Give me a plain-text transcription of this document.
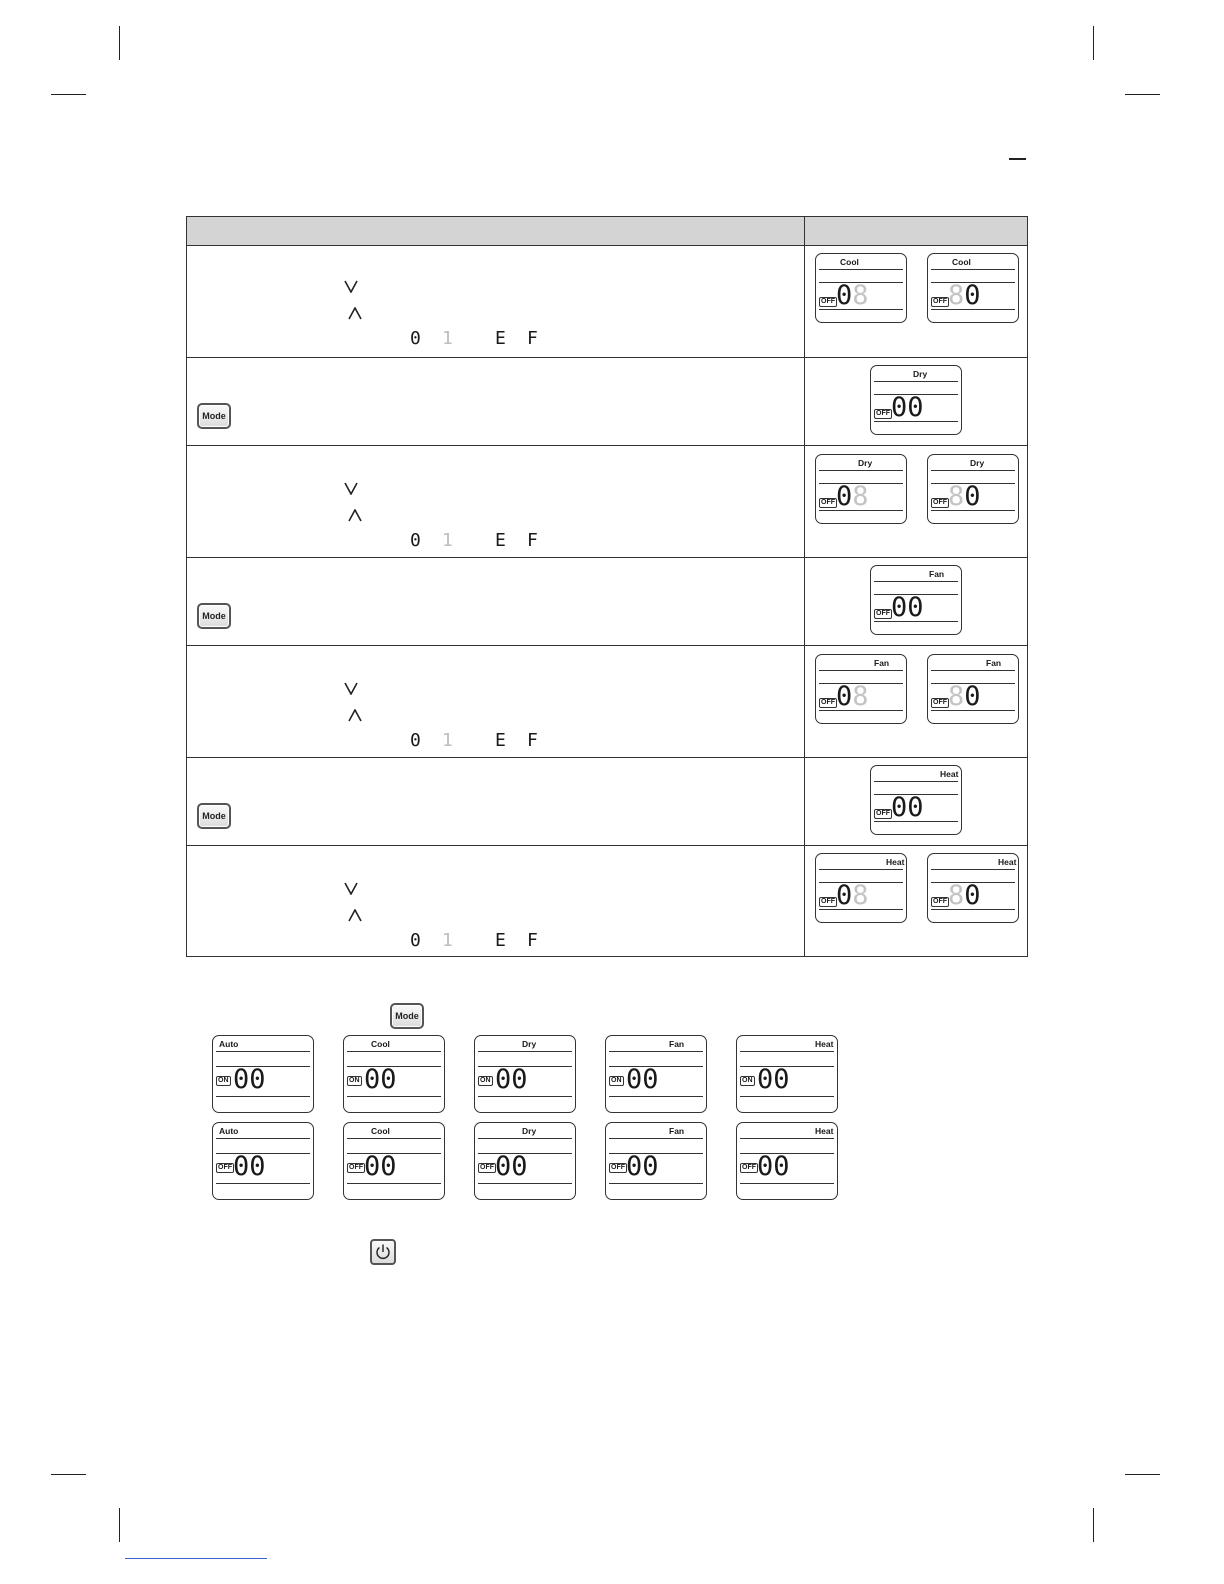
0 1 E F
Cool
OFF 08
Cool
OFF 80
Mode
Dry
OFF 00
0 1 E F
Dry
OFF 08
Dry
OFF 80
Mode
Fan
OFF 00
0 1 E F
Fan
OFF 08
Fan
OFF 80
Mode
Heat
OFF 00
0 1 E F
Heat
OFF 08
Heat
OFF 80
Mode
Auto
ON 00
Cool
ON 00
Dry
ON 00
Fan
ON 00
Heat
ON 00
Auto
OFF 00
Cool
OFF 00
Dry
OFF 00
Fan
OFF 00
Heat
OFF 00
